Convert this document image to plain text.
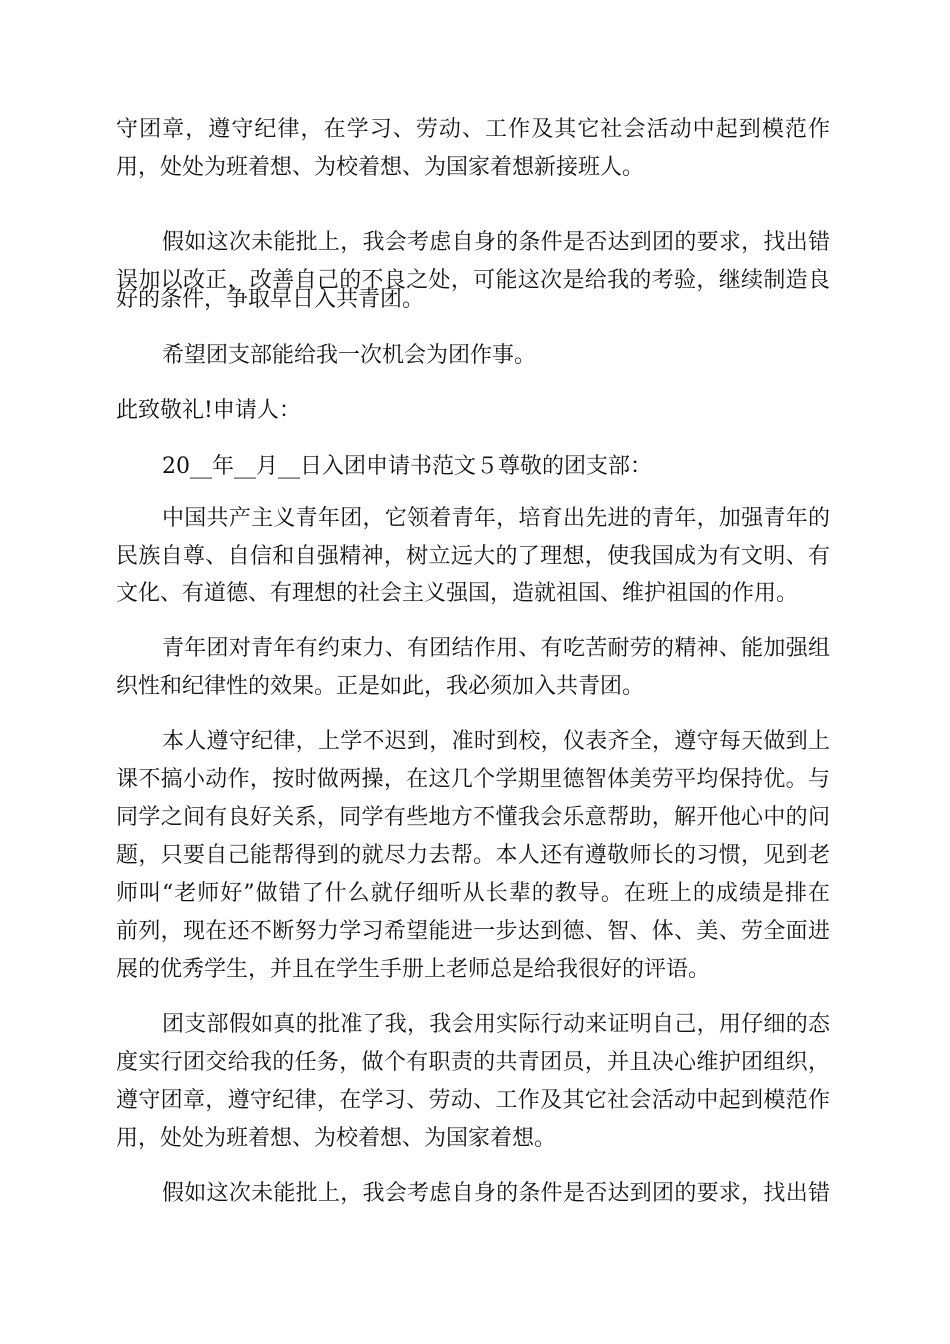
守团章，遵守纪律，在学习、劳动、工作及其它社会活动中起到模范作
用，处处为班着想、为校着想、为国家着想新接班人。
假如这次未能批上，我会考虑自身的条件是否达到团的要求，找出错
误加以改正，改善自己的不良之处，可能这次是给我的考验，继续制造良
好的条件，争取早日入共青团。
希望团支部能给我一次机会为团作事。
此致敬礼!申请人：
20__年__月__日入团申请书范文５尊敬的团支部：
中国共产主义青年团，它领着青年，培育出先进的青年，加强青年的
民族自尊、自信和自强精神，树立远大的了理想，使我国成为有文明、有
文化、有道德、有理想的社会主义强国，造就祖国、维护祖国的作用。
青年团对青年有约束力、有团结作用、有吃苦耐劳的精神、能加强组
织性和纪律性的效果。正是如此，我必须加入共青团。
本人遵守纪律，上学不迟到，准时到校，仪表齐全，遵守每天做到上
课不搞小动作，按时做两操，在这几个学期里德智体美劳平均保持优。与
同学之间有良好关系，同学有些地方不懂我会乐意帮助，解开他心中的问
题，只要自己能帮得到的就尽力去帮。本人还有遵敬师长的习惯，见到老
师叫“老师好”做错了什么就仔细听从长辈的教导。在班上的成绩是排在
前列，现在还不断努力学习希望能进一步达到德、智、体、美、劳全面进
展的优秀学生，并且在学生手册上老师总是给我很好的评语。
团支部假如真的批准了我，我会用实际行动来证明自己，用仔细的态
度实行团交给我的任务，做个有职责的共青团员，并且决心维护团组织，
遵守团章，遵守纪律，在学习、劳动、工作及其它社会活动中起到模范作
用，处处为班着想、为校着想、为国家着想。
假如这次未能批上，我会考虑自身的条件是否达到团的要求，找出错
